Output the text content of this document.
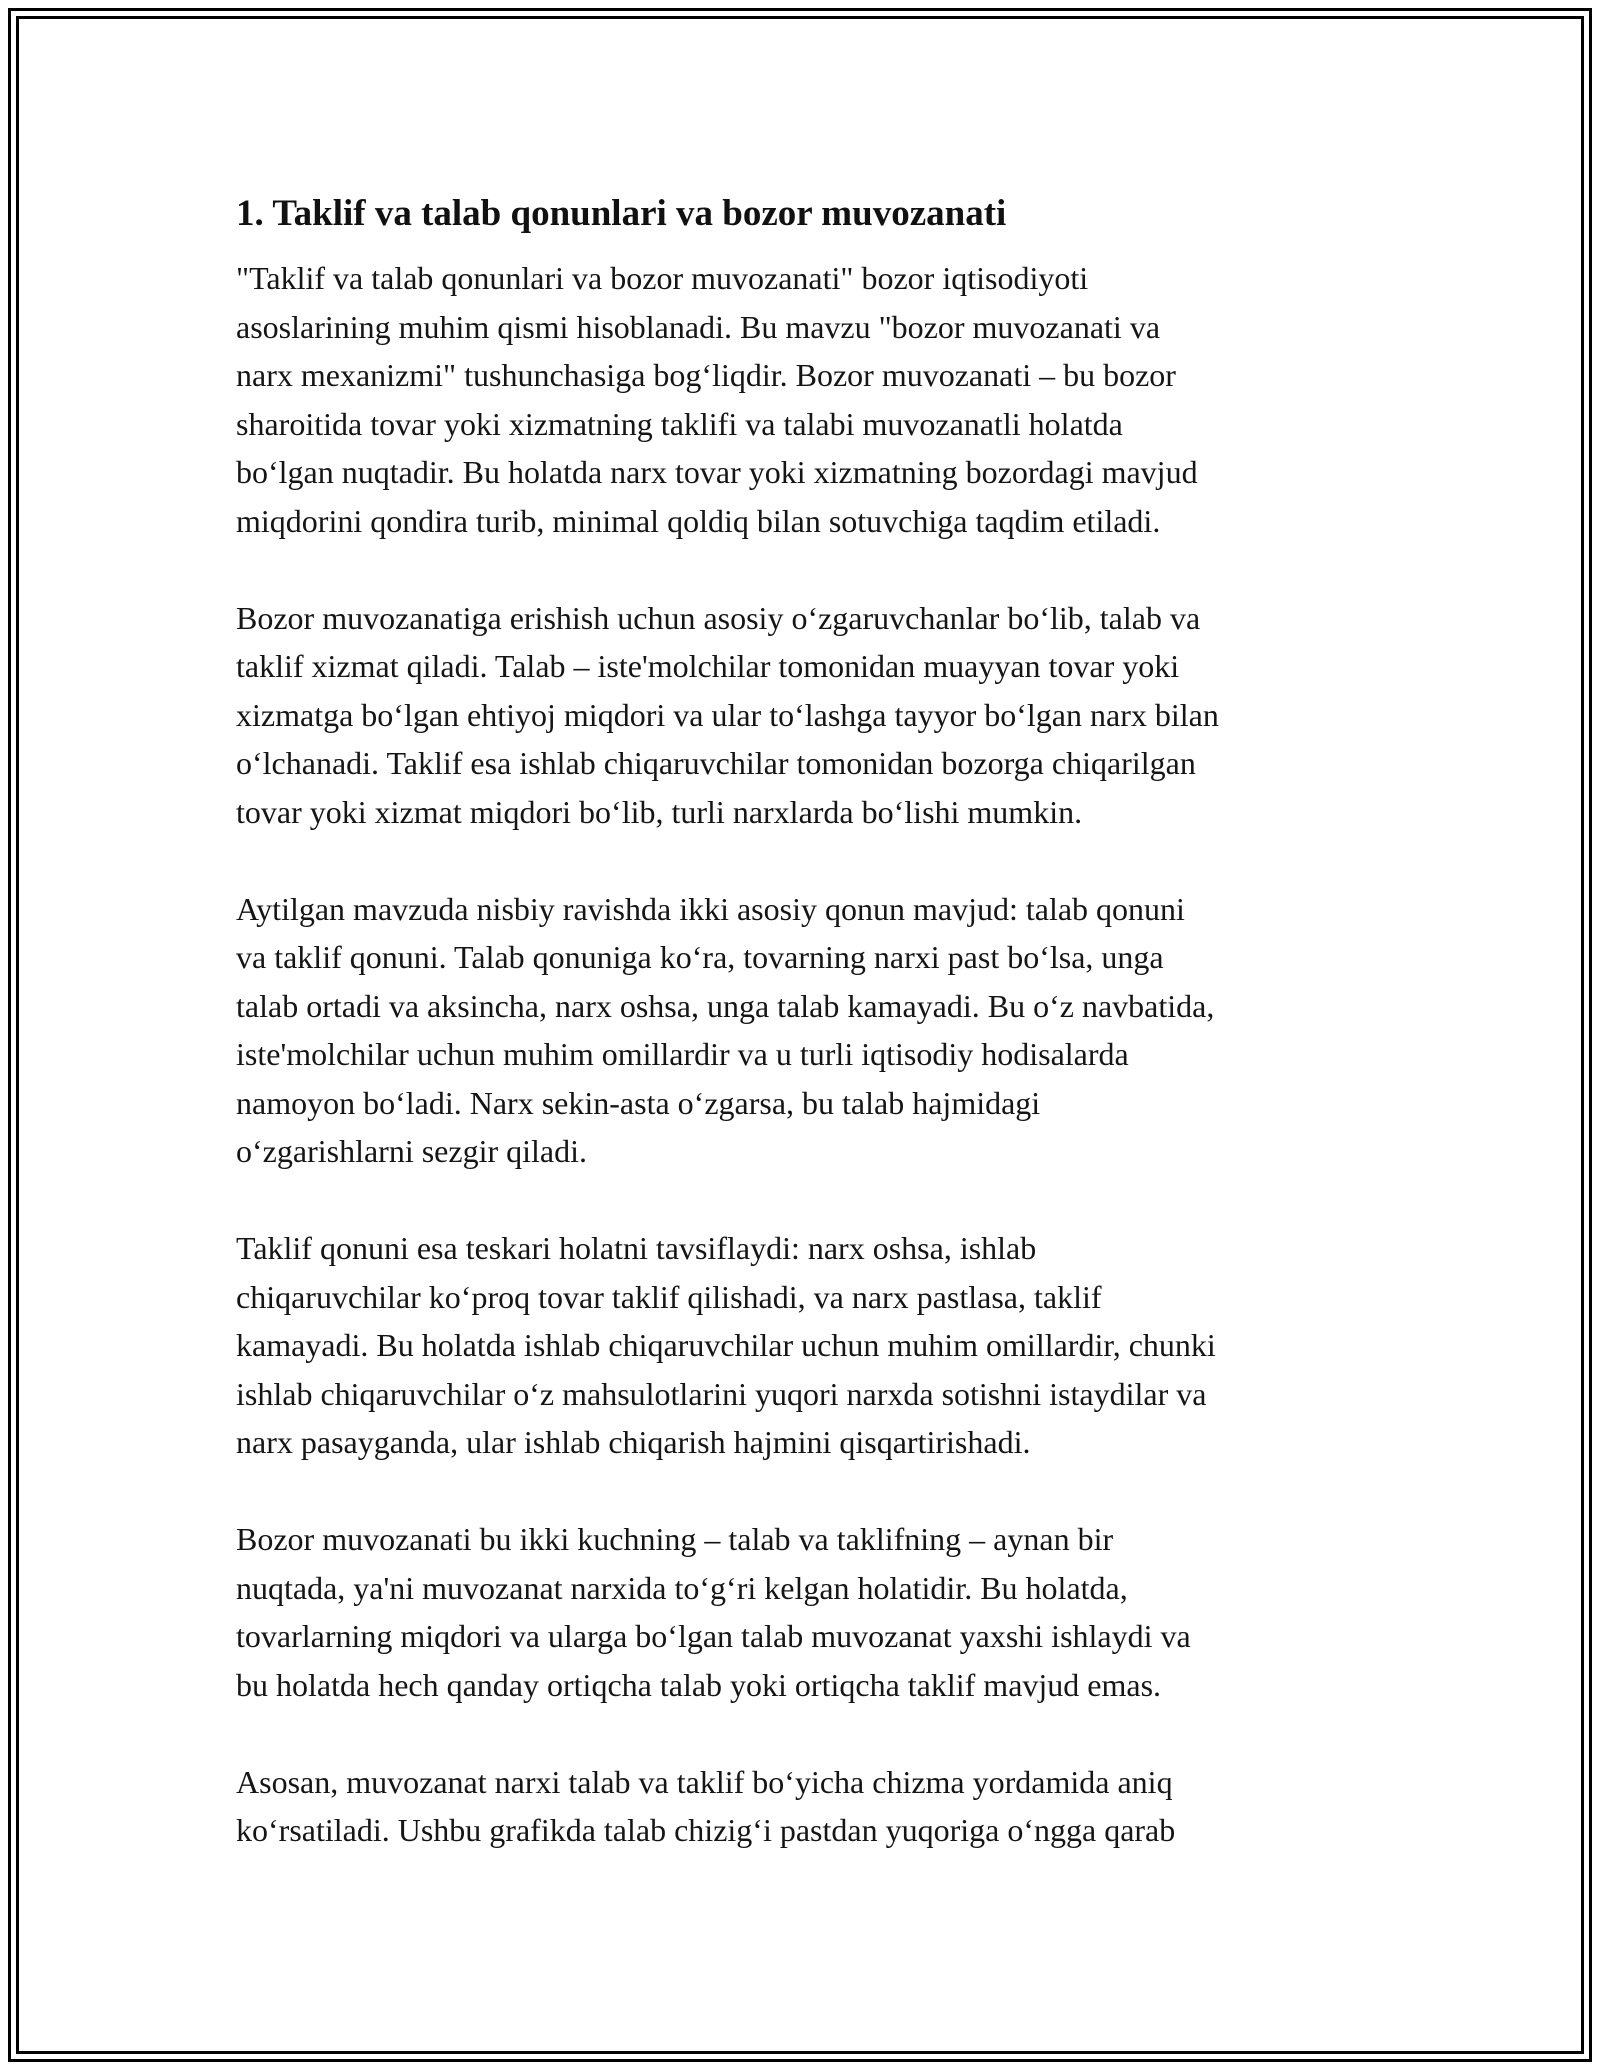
1. Taklif va talab qonunlari va bozor muvozanati

"Taklif va talab qonunlari va bozor muvozanati" bozor iqtisodiyoti
asoslarining muhim qismi hisoblanadi. Bu mavzu "bozor muvozanati va
narx mexanizmi" tushunchasiga bog‘liqdir. Bozor muvozanati – bu bozor
sharoitida tovar yoki xizmatning taklifi va talabi muvozanatli holatda
bo‘lgan nuqtadir. Bu holatda narx tovar yoki xizmatning bozordagi mavjud
miqdorini qondira turib, minimal qoldiq bilan sotuvchiga taqdim etiladi.

Bozor muvozanatiga erishish uchun asosiy o‘zgaruvchanlar bo‘lib, talab va
taklif xizmat qiladi. Talab – iste'molchilar tomonidan muayyan tovar yoki
xizmatga bo‘lgan ehtiyoj miqdori va ular to‘lashga tayyor bo‘lgan narx bilan
o‘lchanadi. Taklif esa ishlab chiqaruvchilar tomonidan bozorga chiqarilgan
tovar yoki xizmat miqdori bo‘lib, turli narxlarda bo‘lishi mumkin.

Aytilgan mavzuda nisbiy ravishda ikki asosiy qonun mavjud: talab qonuni
va taklif qonuni. Talab qonuniga ko‘ra, tovarning narxi past bo‘lsa, unga
talab ortadi va aksincha, narx oshsa, unga talab kamayadi. Bu o‘z navbatida,
iste'molchilar uchun muhim omillardir va u turli iqtisodiy hodisalarda
namoyon bo‘ladi. Narx sekin-asta o‘zgarsa, bu talab hajmidagi
o‘zgarishlarni sezgir qiladi.

Taklif qonuni esa teskari holatni tavsiflaydi: narx oshsa, ishlab
chiqaruvchilar ko‘proq tovar taklif qilishadi, va narx pastlasa, taklif
kamayadi. Bu holatda ishlab chiqaruvchilar uchun muhim omillardir, chunki
ishlab chiqaruvchilar o‘z mahsulotlarini yuqori narxda sotishni istaydilar va
narx pasayganda, ular ishlab chiqarish hajmini qisqartirishadi.

Bozor muvozanati bu ikki kuchning – talab va taklifning – aynan bir
nuqtada, ya'ni muvozanat narxida to‘g‘ri kelgan holatidir. Bu holatda,
tovarlarning miqdori va ularga bo‘lgan talab muvozanat yaxshi ishlaydi va
bu holatda hech qanday ortiqcha talab yoki ortiqcha taklif mavjud emas.

Asosan, muvozanat narxi talab va taklif bo‘yicha chizma yordamida aniq
ko‘rsatiladi. Ushbu grafikda talab chizig‘i pastdan yuqoriga o‘ngga qarab
